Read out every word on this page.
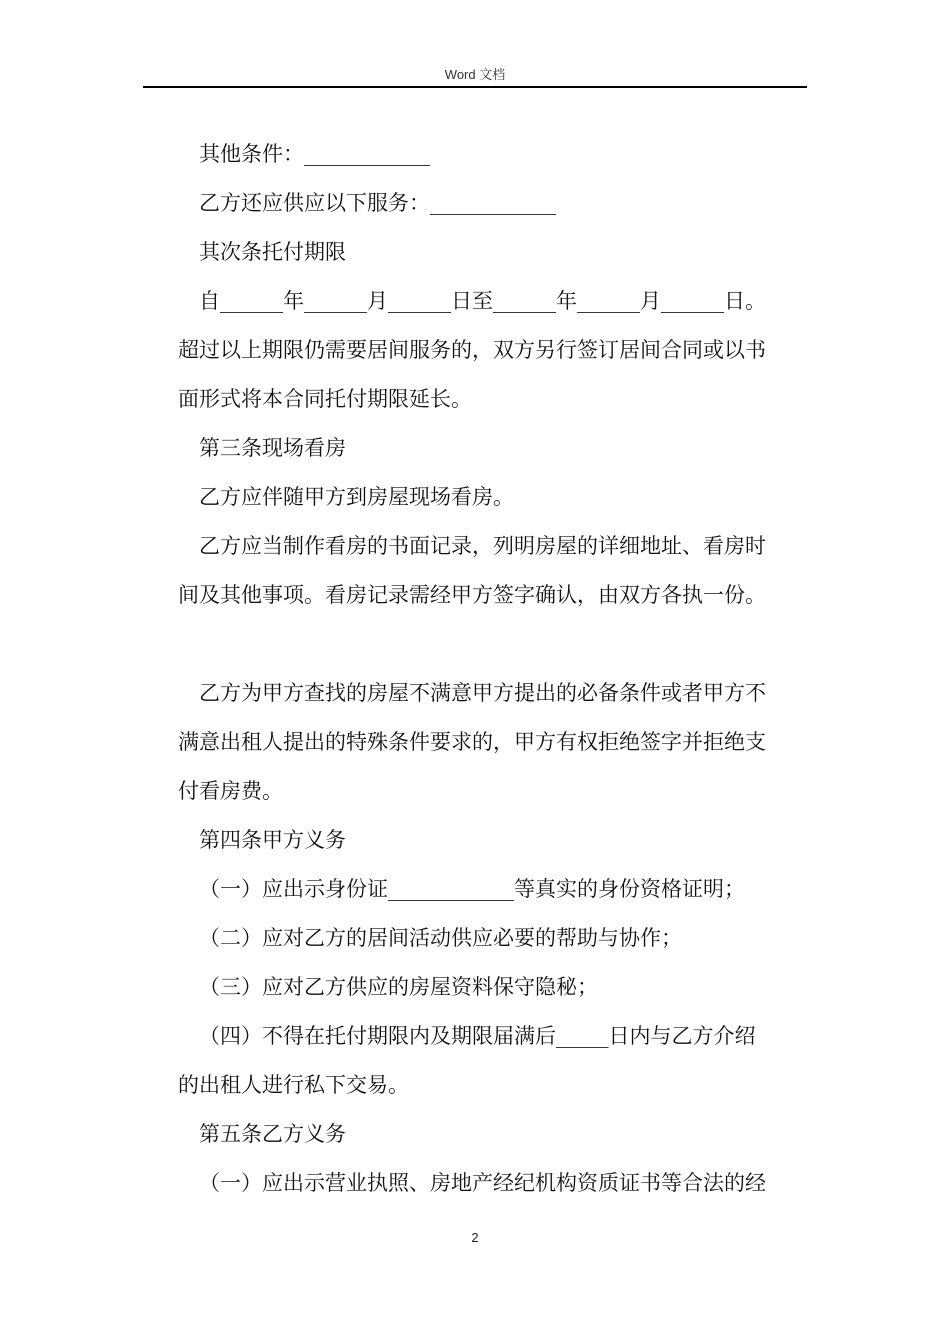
Word 文档
其他条件：____________
乙方还应供应以下服务：____________
其次条托付期限
自______年______月______日至______年______月______日。
超过以上期限仍需要居间服务的，双方另行签订居间合同或以书
面形式将本合同托付期限延长。
第三条现场看房
乙方应伴随甲方到房屋现场看房。
乙方应当制作看房的书面记录，列明房屋的详细地址、看房时
间及其他事项。看房记录需经甲方签字确认，由双方各执一份。
乙方为甲方查找的房屋不满意甲方提出的必备条件或者甲方不
满意出租人提出的特殊条件要求的，甲方有权拒绝签字并拒绝支
付看房费。
第四条甲方义务
（一）应出示身份证____________等真实的身份资格证明；
（二）应对乙方的居间活动供应必要的帮助与协作；
（三）应对乙方供应的房屋资料保守隐秘；
（四）不得在托付期限内及期限届满后_____日内与乙方介绍
的出租人进行私下交易。
第五条乙方义务
（一）应出示营业执照、房地产经纪机构资质证书等合法的经
2
